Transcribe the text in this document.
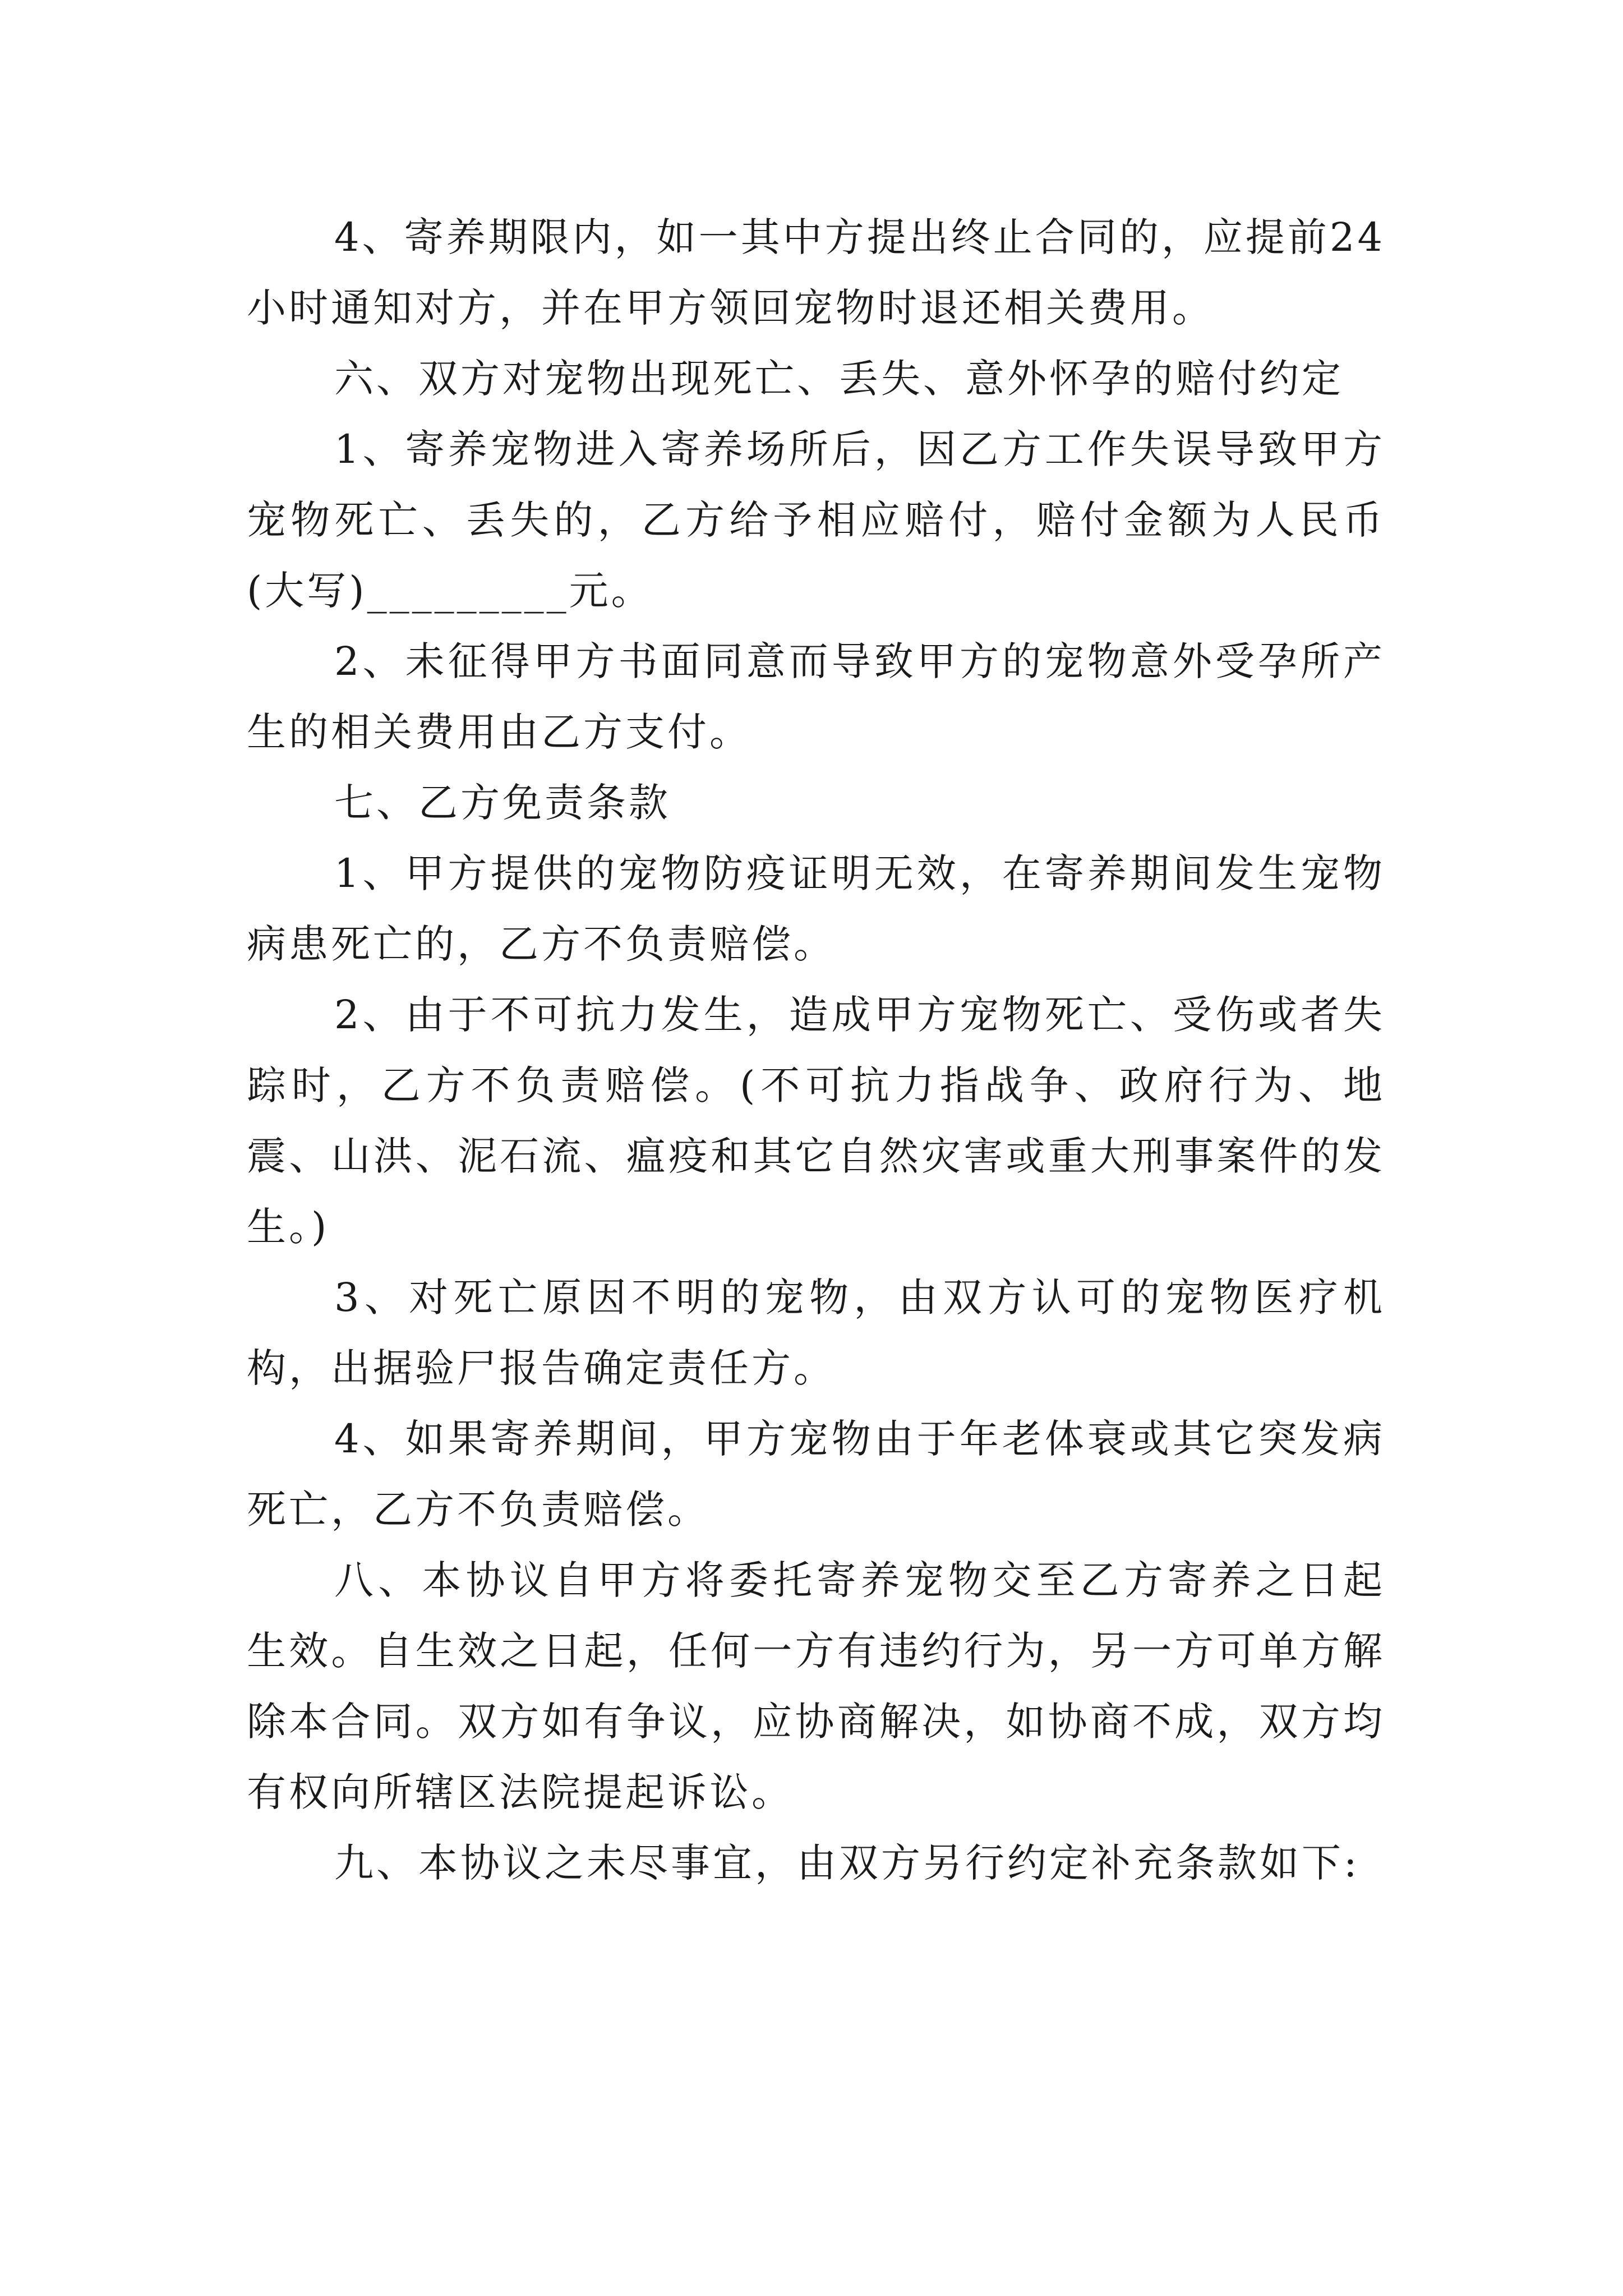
4、寄养期限内，如一其中方提出终止合同的，应提前24小时通知对方，并在甲方领回宠物时退还相关费用。

六、双方对宠物出现死亡、丢失、意外怀孕的赔付约定

1、寄养宠物进入寄养场所后，因乙方工作失误导致甲方宠物死亡、丢失的，乙方给予相应赔付，赔付金额为人民币(大写)_________元。

2、未征得甲方书面同意而导致甲方的宠物意外受孕所产生的相关费用由乙方支付。

七、乙方免责条款

1、甲方提供的宠物防疫证明无效，在寄养期间发生宠物病患死亡的，乙方不负责赔偿。

2、由于不可抗力发生，造成甲方宠物死亡、受伤或者失踪时，乙方不负责赔偿。(不可抗力指战争、政府行为、地震、山洪、泥石流、瘟疫和其它自然灾害或重大刑事案件的发生。)

3、对死亡原因不明的宠物，由双方认可的宠物医疗机构，出据验尸报告确定责任方。

4、如果寄养期间，甲方宠物由于年老体衰或其它突发病死亡，乙方不负责赔偿。

八、本协议自甲方将委托寄养宠物交至乙方寄养之日起生效。自生效之日起，任何一方有违约行为，另一方可单方解除本合同。双方如有争议，应协商解决，如协商不成，双方均有权向所辖区法院提起诉讼。

九、本协议之未尽事宜，由双方另行约定补充条款如下:
